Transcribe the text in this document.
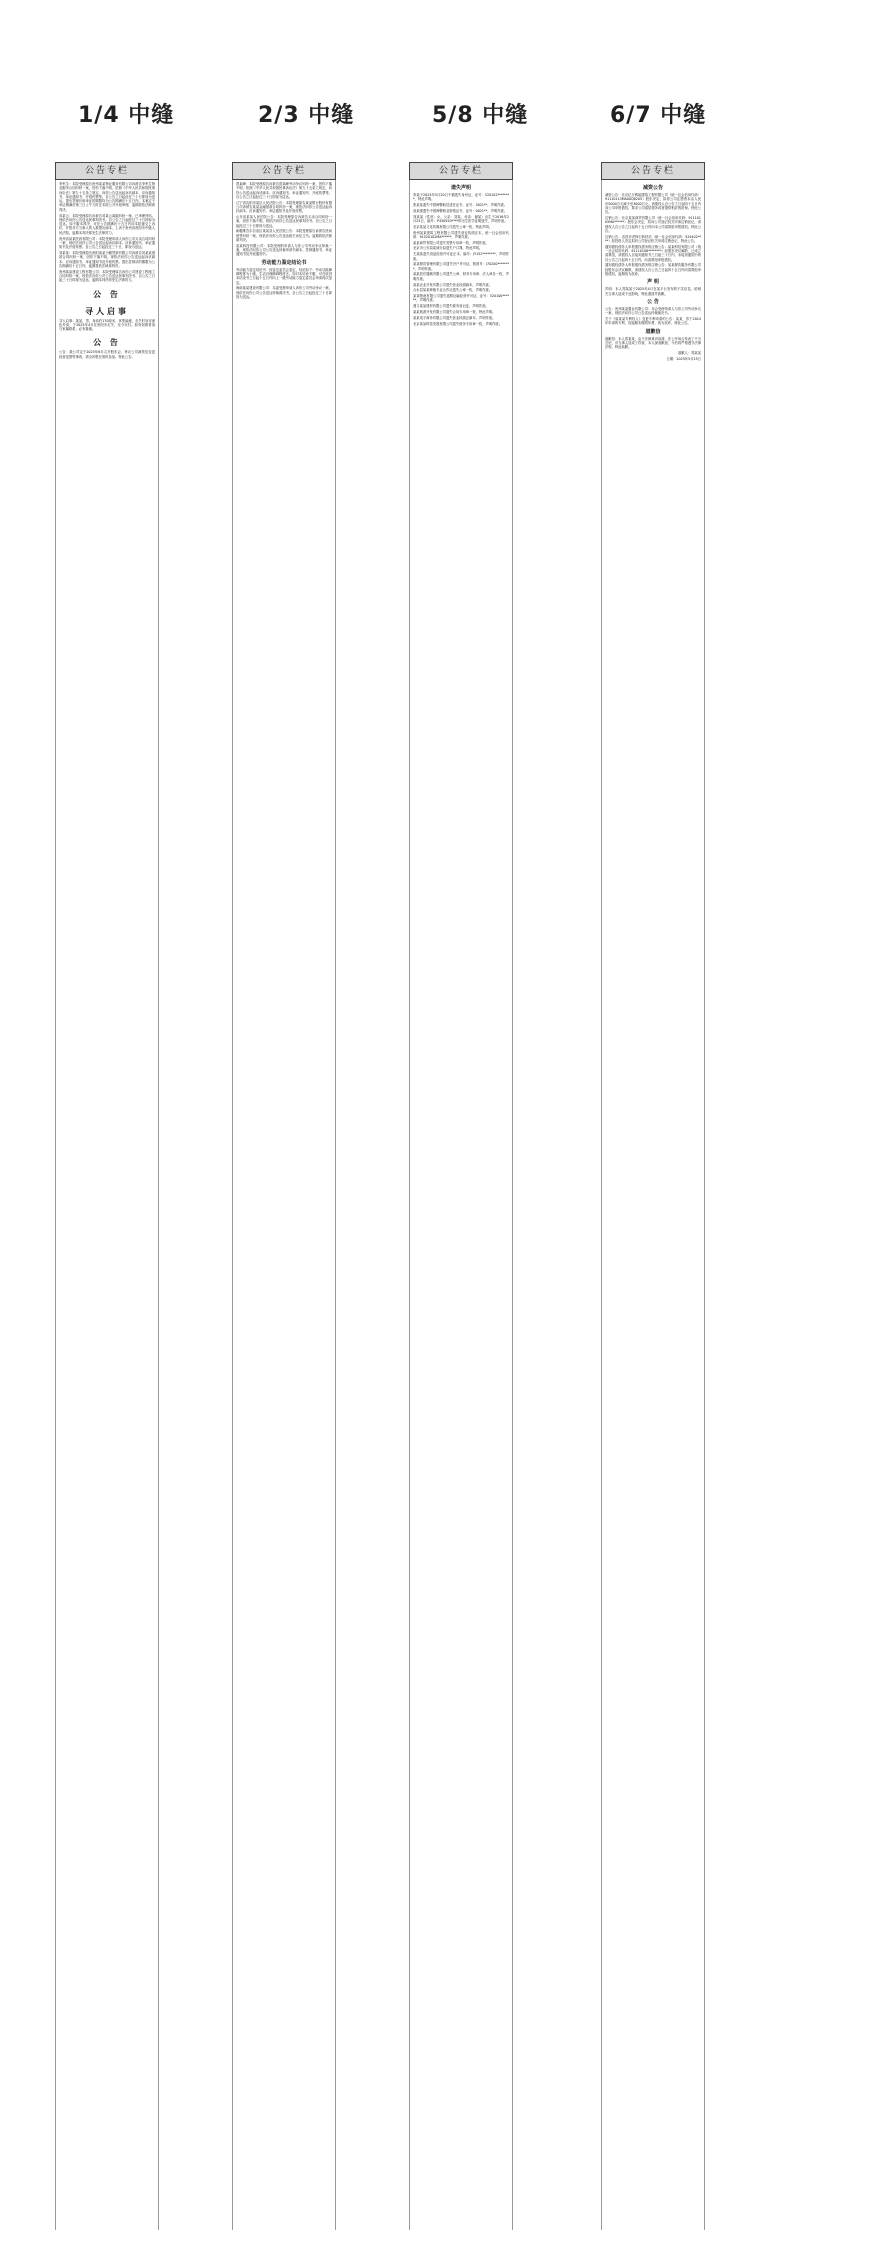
1/4 中缝	2/3 中缝	5/8 中缝	6/7 中缝
公告专栏

李军生：本院受理原告贵州某某物业服务有限公司诉被告李军生物业服务合同纠纷一案，因你下落不明，依照《中华人民共和国民事诉讼法》第九十五条之规定，向你公告送达起诉状副本、应诉通知书、举证通知书、开庭传票等。自公告之日起经过三十日即视为送达。提出答辩状和举证的期限均为公告期满后十五日内。本案定于举证期满后第三日上午九时在本院公开开庭审理，逾期将依法缺席判决。

邓某云：本院受理原告诉被告邓某云离婚纠纷一案，已审理终结。现依法向你公告送达民事判决书。自公告之日起经过三十日即视为送达。如不服本判决，可在公告期满后十五日内向本院递交上诉状，并按对方当事人的人数提出副本，上诉于贵州省贵阳市中级人民法院。逾期本判决即发生法律效力。

贵州省某某医药有限公司：本院受理申请人诉你公司买卖合同纠纷一案，现依法向你公司公告送达起诉状副本、应诉通知书、举证通知书及开庭传票。自公告之日起经过三十日，即视为送达。

刘某某：本院受理原告贵阳某某小额贷款有限公司诉被告刘某某借款合同纠纷一案，因你下落不明，现依法向你公告送达起诉状副本、应诉通知书、举证通知书及开庭传票。提出答辩状的期限为公告期满后十五日内，逾期将依法缺席判决。

贵州某某建设工程有限公司：本院受理原告诉你公司建设工程施工合同纠纷一案，现依法向你公司公告送达民事判决书。自公告之日起三十日即视为送达，逾期本判决即发生法律效力。

公 告
寻人启事

寻人启事：某某，男，身高约170厘米，体型偏瘦，走失时身穿深色外套，于2025年4月在贵阳市走失，至今未归。如有知情者请与家属联系，必有重谢。

公 告

公告：我公司定于2025年6月召开股东会，审议公司减资及变更经营范围等事项，请全体股东准时参加。特此公告。

公告专栏

曾某峰：本院受理原告诉被告曾某峰劳动争议纠纷一案，因你下落不明，依照《中华人民共和国民事诉讼法》第九十五条之规定，向你公告送达起诉状副本、应诉通知书、举证通知书、开庭传票等。自公告之日起经过三十日即视为送达。

辽宁省沈阳市某区人民法院公告：本院受理原告某某银行股份有限公司诉被告某某金融借款合同纠纷一案，现依法向你公告送达起诉状副本、应诉通知书、举证通知书及开庭传票。

山东省某某人民法院公告：本院受理原告诉被告买卖合同纠纷一案，因你下落不明，现依法向你公告送达民事判决书。自公告之日起经过三十日即视为送达。

新疆维吾尔自治区某某县人民法院公告：本院受理原告诉被告民间借贷纠纷一案，现依法向你公告送达相关诉讼文书。逾期将依法缺席判决。

某某科技有限公司：本院受理的申请人与你公司劳动争议仲裁一案，现依法向你公司公告送达仲裁申请书副本、答辩通知书、举证通知书及开庭通知书。

劳动能力鉴定结论书

劳动能力鉴定结论书：经鉴定委员会鉴定，结论如下：劳动功能障碍程度为十级，生活自理障碍程度无。如对本结论不服，可在收到本结论书之日起十五日内向上一级劳动能力鉴定委员会申请再次鉴定。

海南某某建设有限公司：本委受理申请人诉你公司劳动争议一案，现依法向你公司公告送达仲裁裁决书，自公告之日起经过三十日即视为送达。

公告专栏
遗失声明

李某于2025年5月20日不慎遗失身份证，证号：520102********，特此声明。

张某某遗失中国海警船员适任证书，证号：3021**，声明作废。

高某强遗失中国海警职业资格证书，证号：0021**，声明作废。

刘某某（性别：女，父亲：刘某，母亲：谢某）出生于2016年2月25日，编号：P430920****的出生医学证明遗失，声明作废。

北京某某文化传媒有限公司遗失公章一枚，特此声明。

贵州某某建筑工程有限公司遗失营业执照正本，统一社会信用代码：91520102MA******，声明作废。

某某商贸有限公司遗失发票专用章一枚，声明作废。

北京市公安局某城分局遗失户口簿，特此声明。

尤某某遗失食品经营许可证正本，编号：JY152********，声明作废。

某某餐饮管理有限公司遗失开户许可证，核准号：J70200********，声明作废。

某某医疗器械有限公司遗失公章、财务专用章、法人章各一枚，声明作废。

某某农业开发有限公司遗失营业执照副本，声明作废。

合水县某某种植专业合作社遗失公章一枚，声明作废。

某某物流有限公司遗失道路运输经营许可证，证号：520100******，声明作废。

遵义某某建材有限公司遗失税务登记证，声明作废。

某某旅游开发有限公司遗失合同专用章一枚，特此声明。

某某电子商务有限公司遗失营业执照正副本，声明作废。

北京某某科技发展有限公司遗失财务专用章一枚，声明作废。

公告专栏
减资公告

减资公告：北京亿万鸭堀建筑工程有限公司（统一社会信用代码：91110113MA00Q8205）股东决定，拟将公司注册资本由人民币5000万元减少至3000万元。请债权人自公告之日起四十五日内向公司申报债权，要求公司清偿债务或者提供相应的担保。特此公告。

注销公告：北京某某商贸有限公司（统一社会信用代码：91110105MA******）股东会决定，拟向公司登记机关申请注销登记，请债权人自公告之日起四十五日内向本公司清算组申报债权。特此公告。

注销公告：乐昌市老柿石转材站（统一社会信用代码：524402****）经投资人决定拟向公司登记机关申请注销登记，特此公告。

通知债权债务人申报债权债务的注销公告：某某科技有限公司（统一社会信用代码：91110108********）经股东决议解散，已成立清算组，请债权人自接到通知书之日起三十日内，未接到通知书的自公告之日起四十五日内，向清算组申报债权。

通知债权债务人申报债权债务的注销公告：某某餐饮服务有限公司经股东会决议解散，请债权人自公告之日起四十五日内向清算组申报债权，逾期视为放弃。

声 明

声明：本人郑某某于2025年4月在某平台发布的不实信息，给相关当事人造成不良影响，特此澄清并致歉。

公 告

公告：贵州某某置业有限公司：本会受理申请人与你公司劳动争议一案，现依法向你公司公告送达仲裁裁决书。

关于《原某某专利权人》变更专利申请的公告：某某，你于2024年申请的专利，因逾期未缴纳年费，视为放弃，特此公告。

道歉信

道歉信：本人郑某某，由于法律意识淡薄，在公开场合发表了不当言论，对当事人造成了伤害，本人深表歉意，今后将严格遵守法律法规，特此致歉。

道歉人：郑某某

日期：2025年5月25日
